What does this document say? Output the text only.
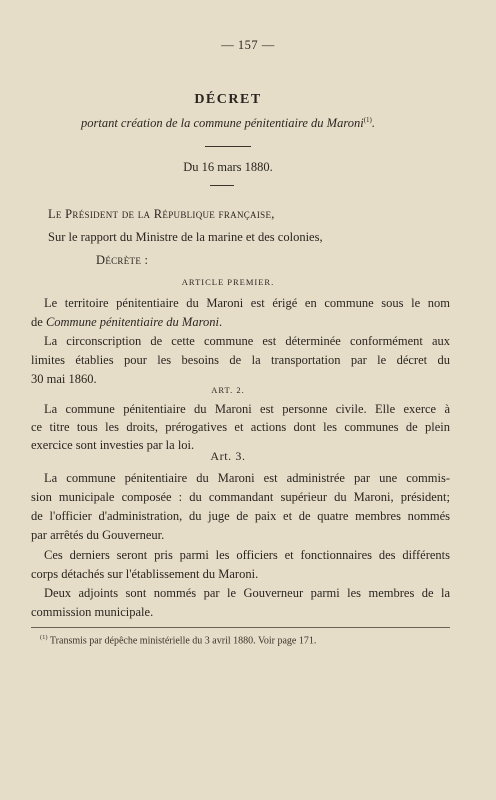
— 157 —
DÉCRET
portant création de la commune pénitentiaire du Maroni$^{(1)}$.
Du 16 mars 1880.
Le Président de la République française,
Sur le rapport du Ministre de la marine et des colonies,
Décrète :
ARTICLE PREMIER.
Le territoire pénitentiaire du Maroni est érigé en commune sous le nom
de Commune pénitentiaire du Maroni.
La circonscription de cette commune est déterminée conformément aux
limites établies pour les besoins de la transportation par le décret du
30 mai 1860.
ART. 2.
La commune pénitentiaire du Maroni est personne civile. Elle exerce à
ce titre tous les droits, prérogatives et actions dont les communes de plein
exercice sont investies par la loi.
Art. 3.
La commune pénitentiaire du Maroni est administrée par une commis-
sion municipale composée : du commandant supérieur du Maroni, président;
de l'officier d'administration, du juge de paix et de quatre membres nommés
$^{(1)}$ Transmis par dépêche ministérielle du 3 avril 1880. Voir page 171.
par arrêtés du Gouverneur.
Ces derniers seront pris parmi les officiers et fonctionnaires des différents
corps détachés sur l'établissement du Maroni.
Deux adjoints sont nommés par le Gouverneur parmi les membres de la
commission municipale.
